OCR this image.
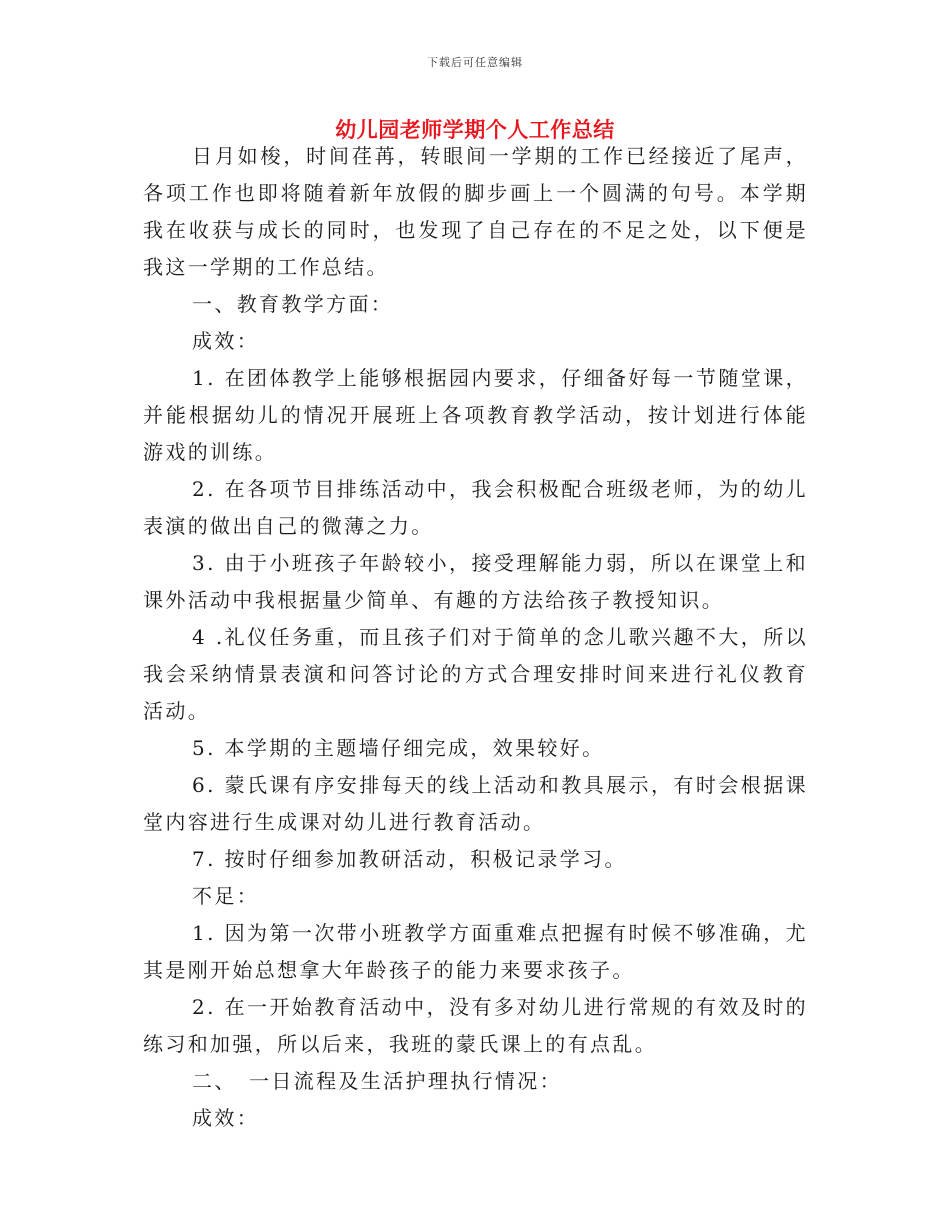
下载后可任意编辑
幼儿园老师学期个人工作总结

日月如梭，时间荏苒，转眼间一学期的工作已经接近了尾声，各项工作也即将随着新年放假的脚步画上一个圆满的句号。本学期我在收获与成长的同时，也发现了自己存在的不足之处，以下便是我这一学期的工作总结。

一、教育教学方面：

成效：

1. 在团体教学上能够根据园内要求，仔细备好每一节随堂课，并能根据幼儿的情况开展班上各项教育教学活动，按计划进行体能游戏的训练。

2. 在各项节目排练活动中，我会积极配合班级老师，为的幼儿表演的做出自己的微薄之力。

3. 由于小班孩子年龄较小，接受理解能力弱，所以在课堂上和课外活动中我根据量少简单、有趣的方法给孩子教授知识。

4 .礼仪任务重，而且孩子们对于简单的念儿歌兴趣不大，所以我会采纳情景表演和问答讨论的方式合理安排时间来进行礼仪教育活动。

5. 本学期的主题墙仔细完成，效果较好。

6. 蒙氏课有序安排每天的线上活动和教具展示，有时会根据课堂内容进行生成课对幼儿进行教育活动。

7. 按时仔细参加教研活动，积极记录学习。

不足：

1. 因为第一次带小班教学方面重难点把握有时候不够准确，尤其是刚开始总想拿大年龄孩子的能力来要求孩子。

2. 在一开始教育活动中，没有多对幼儿进行常规的有效及时的练习和加强，所以后来，我班的蒙氏课上的有点乱。

二、　一日流程及生活护理执行情况：

成效：
